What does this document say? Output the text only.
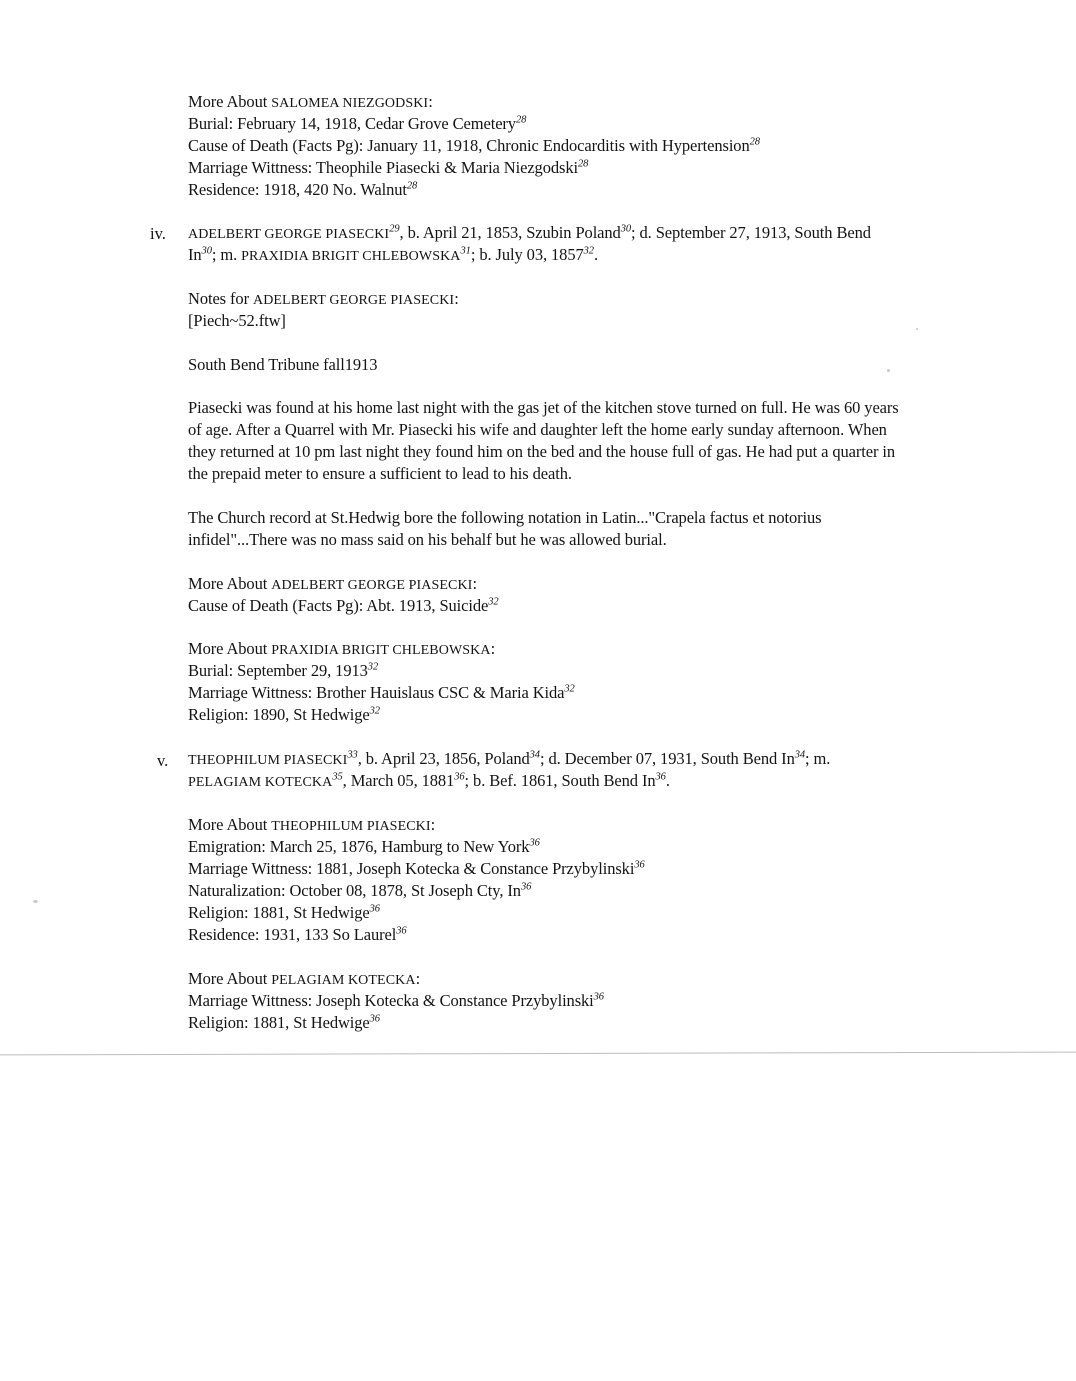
More About SALOMEA NIEZGODSKI:
Burial: February 14, 1918, Cedar Grove Cemetery$^{28}$
Cause of Death (Facts Pg): January 11, 1918, Chronic Endocarditis with Hypertension$^{28}$
Marriage Wittness: Theophile Piasecki & Maria Niezgodski$^{28}$
Residence: 1918, 420 No. Walnut$^{28}$
iv. ADELBERT GEORGE PIASECKI$^{29}$, b. April 21, 1853, Szubin Poland$^{30}$; d. September 27, 1913, South Bend
In$^{30}$; m. PRAXIDIA BRIGIT CHLEBOWSKA$^{31}$; b. July 03, 1857$^{32}$.
Notes for ADELBERT GEORGE PIASECKI:
[Piech~52.ftw]
South Bend Tribune fall1913
Piasecki was found at his home last night with the gas jet of the kitchen stove turned on full. He was 60 years
of age. After a Quarrel with Mr. Piasecki his wife and daughter left the home early sunday afternoon. When
they returned at 10 pm last night they found him on the bed and the house full of gas. He had put a quarter in
the prepaid meter to ensure a sufficient to lead to his death.
The Church record at St.Hedwig bore the following notation in Latin..."Crapela factus et notorius
infidel"...There was no mass said on his behalf but he was allowed burial.
More About ADELBERT GEORGE PIASECKI:
Cause of Death (Facts Pg): Abt. 1913, Suicide$^{32}$
More About PRAXIDIA BRIGIT CHLEBOWSKA:
Burial: September 29, 1913$^{32}$
Marriage Wittness: Brother Hauislaus CSC & Maria Kida$^{32}$
Religion: 1890, St Hedwige$^{32}$
v. THEOPHILUM PIASECKI$^{33}$, b. April 23, 1856, Poland$^{34}$; d. December 07, 1931, South Bend In$^{34}$; m.
PELAGIAM KOTECKA$^{35}$, March 05, 1881$^{36}$; b. Bef. 1861, South Bend In$^{36}$.
More About THEOPHILUM PIASECKI:
Emigration: March 25, 1876, Hamburg to New York$^{36}$
Marriage Wittness: 1881, Joseph Kotecka & Constance Przybylinski$^{36}$
Naturalization: October 08, 1878, St Joseph Cty, In$^{36}$
Religion: 1881, St Hedwige$^{36}$
Residence: 1931, 133 So Laurel$^{36}$
More About PELAGIAM KOTECKA:
Marriage Wittness: Joseph Kotecka & Constance Przybylinski$^{36}$
Religion: 1881, St Hedwige$^{36}$
